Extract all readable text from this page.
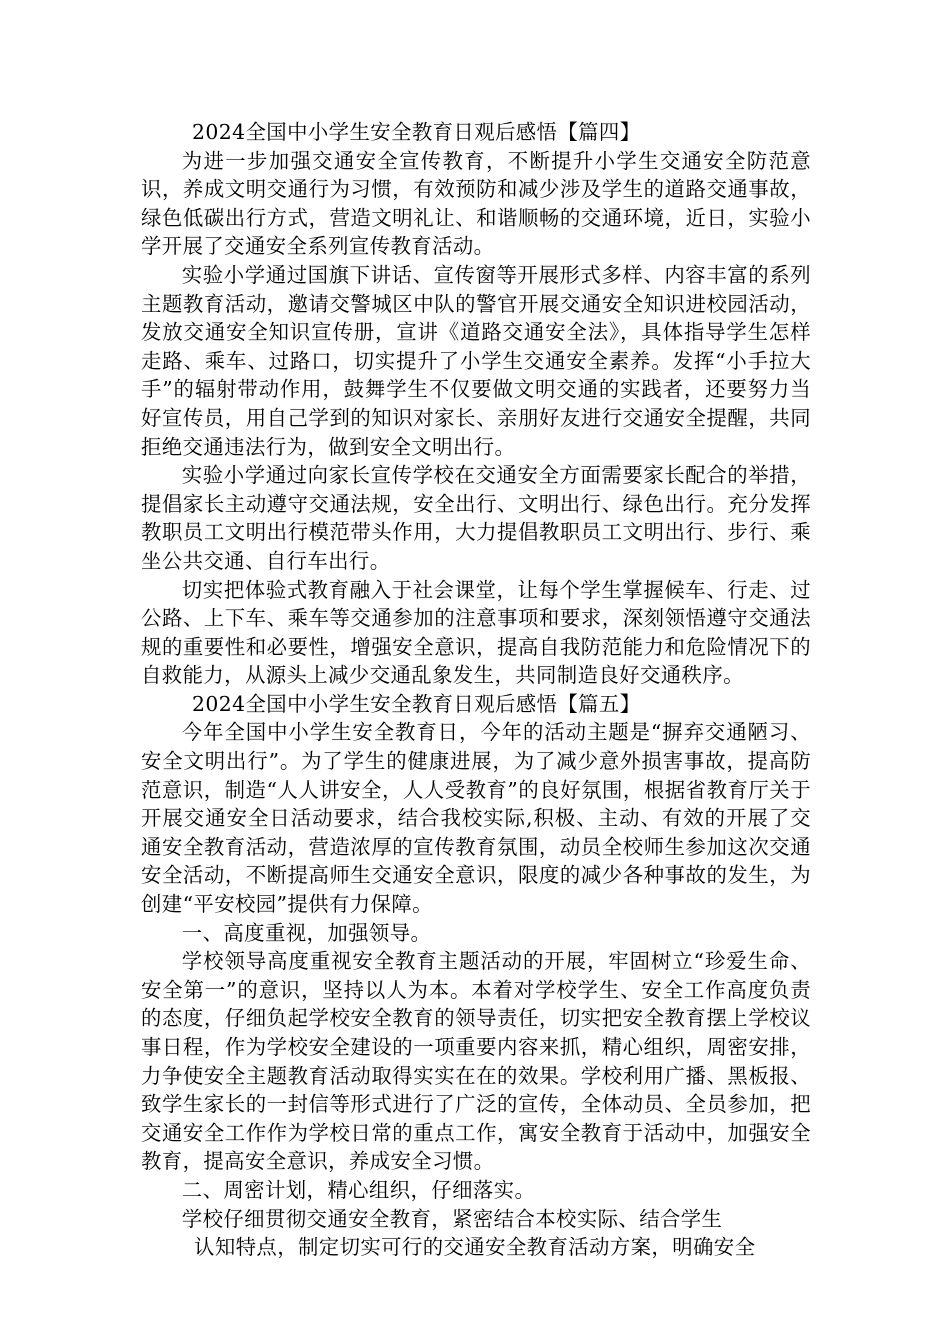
2024全国中小学生安全教育日观后感悟【篇四】

为进一步加强交通安全宣传教育，不断提升小学生交通安全防范意识，养成文明交通行为习惯，有效预防和减少涉及学生的道路交通事故，绿色低碳出行方式，营造文明礼让、和谐顺畅的交通环境，近日，实验小学开展了交通安全系列宣传教育活动。

实验小学通过国旗下讲话、宣传窗等开展形式多样、内容丰富的系列主题教育活动，邀请交警城区中队的警官开展交通安全知识进校园活动，发放交通安全知识宣传册，宣讲《道路交通安全法》，具体指导学生怎样走路、乘车、过路口，切实提升了小学生交通安全素养。发挥“小手拉大手”的辐射带动作用，鼓舞学生不仅要做文明交通的实践者，还要努力当好宣传员，用自己学到的知识对家长、亲朋好友进行交通安全提醒，共同拒绝交通违法行为，做到安全文明出行。

实验小学通过向家长宣传学校在交通安全方面需要家长配合的举措，提倡家长主动遵守交通法规，安全出行、文明出行、绿色出行。充分发挥教职员工文明出行模范带头作用，大力提倡教职员工文明出行、步行、乘坐公共交通、自行车出行。

切实把体验式教育融入于社会课堂，让每个学生掌握候车、行走、过公路、上下车、乘车等交通参加的注意事项和要求，深刻领悟遵守交通法规的重要性和必要性，增强安全意识，提高自我防范能力和危险情况下的自救能力，从源头上减少交通乱象发生，共同制造良好交通秩序。

2024全国中小学生安全教育日观后感悟【篇五】

今年全国中小学生安全教育日，今年的活动主题是“摒弃交通陋习、安全文明出行”。为了学生的健康进展，为了减少意外损害事故，提高防范意识，制造“人人讲安全，人人受教育”的良好氛围，根据省教育厅关于开展交通安全日活动要求，结合我校实际,积极、主动、有效的开展了交通安全教育活动，营造浓厚的宣传教育氛围，动员全校师生参加这次交通安全活动，不断提高师生交通安全意识，限度的减少各种事故的发生，为创建“平安校园”提供有力保障。

一、高度重视，加强领导。

学校领导高度重视安全教育主题活动的开展，牢固树立“珍爱生命、安全第一”的意识，坚持以人为本。本着对学校学生、安全工作高度负责的态度，仔细负起学校安全教育的领导责任，切实把安全教育摆上学校议事日程，作为学校安全建设的一项重要内容来抓，精心组织，周密安排，力争使安全主题教育活动取得实实在在的效果。学校利用广播、黑板报、致学生家长的一封信等形式进行了广泛的宣传，全体动员、全员参加，把交通安全工作作为学校日常的重点工作，寓安全教育于活动中，加强安全教育，提高安全意识，养成安全习惯。

二、周密计划，精心组织，仔细落实。

学校仔细贯彻交通安全教育，紧密结合本校实际、结合学生

认知特点，制定切实可行的交通安全教育活动方案，明确安全
